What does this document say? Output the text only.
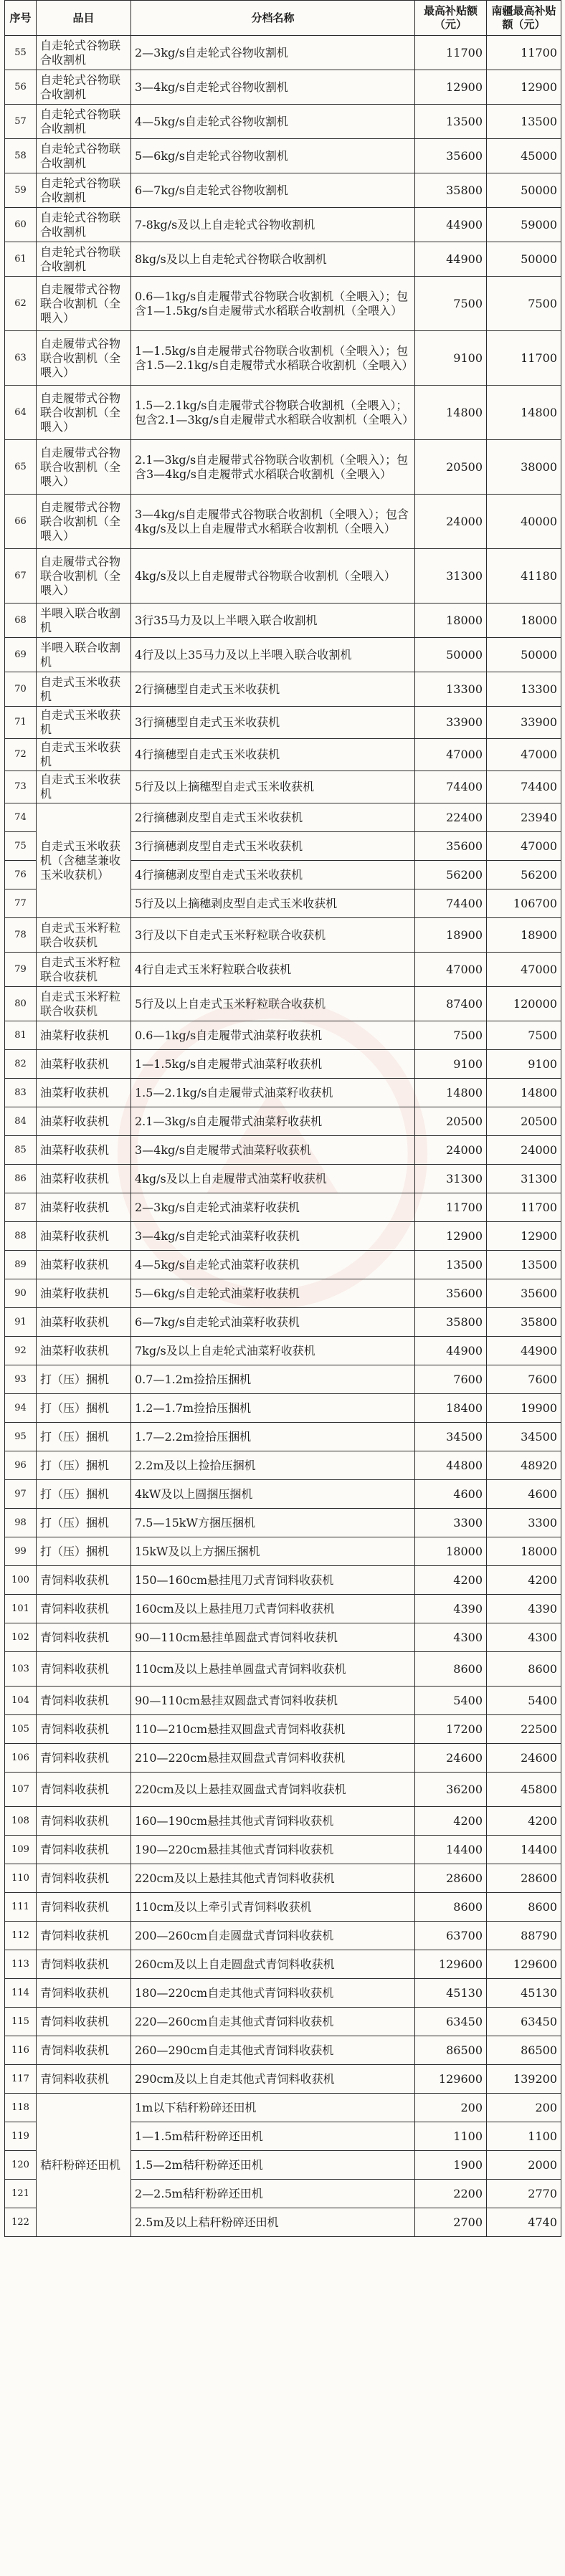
序号	品目	分档名称	最高补贴额（元）	南疆最高补贴额（元）
55	自走轮式谷物联合收割机	2—3kg/s自走轮式谷物收割机	11700	11700
56	自走轮式谷物联合收割机	3—4kg/s自走轮式谷物收割机	12900	12900
57	自走轮式谷物联合收割机	4—5kg/s自走轮式谷物收割机	13500	13500
58	自走轮式谷物联合收割机	5—6kg/s自走轮式谷物收割机	35600	45000
59	自走轮式谷物联合收割机	6—7kg/s自走轮式谷物收割机	35800	50000
60	自走轮式谷物联合收割机	7-8kg/s及以上自走轮式谷物收割机	44900	59000
61	自走轮式谷物联合收割机	8kg/s及以上自走轮式谷物联合收割机	44900	50000
62	自走履带式谷物联合收割机（全喂入）	0.6—1kg/s自走履带式谷物联合收割机（全喂入）；包含1—1.5kg/s自走履带式水稻联合收割机（全喂入）	7500	7500
63	自走履带式谷物联合收割机（全喂入）	1—1.5kg/s自走履带式谷物联合收割机（全喂入）；包含1.5—2.1kg/s自走履带式水稻联合收割机（全喂入）	9100	11700
64	自走履带式谷物联合收割机（全喂入）	1.5—2.1kg/s自走履带式谷物联合收割机（全喂入）；包含2.1—3kg/s自走履带式水稻联合收割机（全喂入）	14800	14800
65	自走履带式谷物联合收割机（全喂入）	2.1—3kg/s自走履带式谷物联合收割机（全喂入）；包含3—4kg/s自走履带式水稻联合收割机（全喂入）	20500	38000
66	自走履带式谷物联合收割机（全喂入）	3—4kg/s自走履带式谷物联合收割机（全喂入）；包含4kg/s及以上自走履带式水稻联合收割机（全喂入）	24000	40000
67	自走履带式谷物联合收割机（全喂入）	4kg/s及以上自走履带式谷物联合收割机（全喂入）	31300	41180
68	半喂入联合收割机	3行35马力及以上半喂入联合收割机	18000	18000
69	半喂入联合收割机	4行及以上35马力及以上半喂入联合收割机	50000	50000
70	自走式玉米收获机	2行摘穗型自走式玉米收获机	13300	13300
71	自走式玉米收获机	3行摘穗型自走式玉米收获机	33900	33900
72	自走式玉米收获机	4行摘穗型自走式玉米收获机	47000	47000
73	自走式玉米收获机	5行及以上摘穗型自走式玉米收获机	74400	74400
74	自走式玉米收获机（含穗茎兼收玉米收获机）	2行摘穗剥皮型自走式玉米收获机	22400	23940
75		3行摘穗剥皮型自走式玉米收获机	35600	47000
76		4行摘穗剥皮型自走式玉米收获机	56200	56200
77		5行及以上摘穗剥皮型自走式玉米收获机	74400	106700
78	自走式玉米籽粒联合收获机	3行及以下自走式玉米籽粒联合收获机	18900	18900
79	自走式玉米籽粒联合收获机	4行自走式玉米籽粒联合收获机	47000	47000
80	自走式玉米籽粒联合收获机	5行及以上自走式玉米籽粒联合收获机	87400	120000
81	油菜籽收获机	0.6—1kg/s自走履带式油菜籽收获机	7500	7500
82	油菜籽收获机	1—1.5kg/s自走履带式油菜籽收获机	9100	9100
83	油菜籽收获机	1.5—2.1kg/s自走履带式油菜籽收获机	14800	14800
84	油菜籽收获机	2.1—3kg/s自走履带式油菜籽收获机	20500	20500
85	油菜籽收获机	3—4kg/s自走履带式油菜籽收获机	24000	24000
86	油菜籽收获机	4kg/s及以上自走履带式油菜籽收获机	31300	31300
87	油菜籽收获机	2—3kg/s自走轮式油菜籽收获机	11700	11700
88	油菜籽收获机	3—4kg/s自走轮式油菜籽收获机	12900	12900
89	油菜籽收获机	4—5kg/s自走轮式油菜籽收获机	13500	13500
90	油菜籽收获机	5—6kg/s自走轮式油菜籽收获机	35600	35600
91	油菜籽收获机	6—7kg/s自走轮式油菜籽收获机	35800	35800
92	油菜籽收获机	7kg/s及以上自走轮式油菜籽收获机	44900	44900
93	打（压）捆机	0.7—1.2m捡拾压捆机	7600	7600
94	打（压）捆机	1.2—1.7m捡拾压捆机	18400	19900
95	打（压）捆机	1.7—2.2m捡拾压捆机	34500	34500
96	打（压）捆机	2.2m及以上捡拾压捆机	44800	48920
97	打（压）捆机	4kW及以上圆捆压捆机	4600	4600
98	打（压）捆机	7.5—15kW方捆压捆机	3300	3300
99	打（压）捆机	15kW及以上方捆压捆机	18000	18000
100	青饲料收获机	150—160cm悬挂甩刀式青饲料收获机	4200	4200
101	青饲料收获机	160cm及以上悬挂甩刀式青饲料收获机	4390	4390
102	青饲料收获机	90—110cm悬挂单圆盘式青饲料收获机	4300	4300
103	青饲料收获机	110cm及以上悬挂单圆盘式青饲料收获机	8600	8600
104	青饲料收获机	90—110cm悬挂双圆盘式青饲料收获机	5400	5400
105	青饲料收获机	110—210cm悬挂双圆盘式青饲料收获机	17200	22500
106	青饲料收获机	210—220cm悬挂双圆盘式青饲料收获机	24600	24600
107	青饲料收获机	220cm及以上悬挂双圆盘式青饲料收获机	36200	45800
108	青饲料收获机	160—190cm悬挂其他式青饲料收获机	4200	4200
109	青饲料收获机	190—220cm悬挂其他式青饲料收获机	14400	14400
110	青饲料收获机	220cm及以上悬挂其他式青饲料收获机	28600	28600
111	青饲料收获机	110cm及以上牵引式青饲料收获机	8600	8600
112	青饲料收获机	200—260cm自走圆盘式青饲料收获机	63700	88790
113	青饲料收获机	260cm及以上自走圆盘式青饲料收获机	129600	129600
114	青饲料收获机	180—220cm自走其他式青饲料收获机	45130	45130
115	青饲料收获机	220—260cm自走其他式青饲料收获机	63450	63450
116	青饲料收获机	260—290cm自走其他式青饲料收获机	86500	86500
117	青饲料收获机	290cm及以上自走其他式青饲料收获机	129600	139200
118	秸秆粉碎还田机	1m以下秸秆粉碎还田机	200	200
119		1—1.5m秸秆粉碎还田机	1100	1100
120		1.5—2m秸秆粉碎还田机	1900	2000
121		2—2.5m秸秆粉碎还田机	2200	2770
122		2.5m及以上秸秆粉碎还田机	2700	4740
